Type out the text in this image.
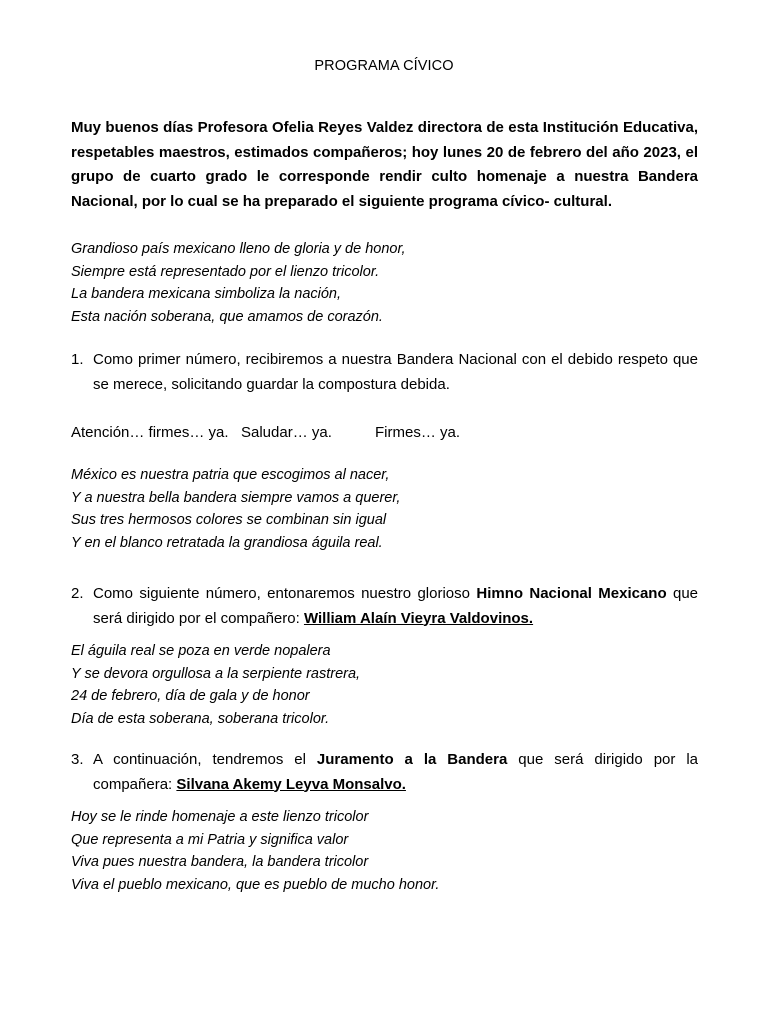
PROGRAMA CÍVICO
Muy buenos días Profesora Ofelia Reyes Valdez directora de esta Institución Educativa, respetables maestros, estimados compañeros; hoy lunes 20 de febrero del año 2023, el grupo de cuarto grado le corresponde rendir culto homenaje a nuestra Bandera Nacional, por lo cual se ha preparado el siguiente programa cívico- cultural.
Grandioso país mexicano lleno de gloria y de honor,
Siempre está representado por el lienzo tricolor.
La bandera mexicana simboliza la nación,
Esta nación soberana, que amamos de corazón.
1. Como primer número, recibiremos a nuestra Bandera Nacional con el debido respeto que se merece, solicitando guardar la compostura debida.
Atención… firmes… ya. Saludar… ya.	Firmes… ya.
México es nuestra patria que escogimos al nacer,
Y a nuestra bella bandera siempre vamos a querer,
Sus tres hermosos colores se combinan sin igual
Y en el blanco retratada la grandiosa águila real.
2. Como siguiente número, entonaremos nuestro glorioso Himno Nacional Mexicano que será dirigido por el compañero: William Alaín Vieyra Valdovinos.
El águila real se poza en verde nopalera
Y se devora orgullosa a la serpiente rastrera,
24 de febrero, día de gala y de honor
Día de esta soberana, soberana tricolor.
3. A continuación, tendremos el Juramento a la Bandera que será dirigido por la compañera: Silvana Akemy Leyva Monsalvo.
Hoy se le rinde homenaje a este lienzo tricolor
Que representa a mi Patria y significa valor
Viva pues nuestra bandera, la bandera tricolor
Viva el pueblo mexicano, que es pueblo de mucho honor.
